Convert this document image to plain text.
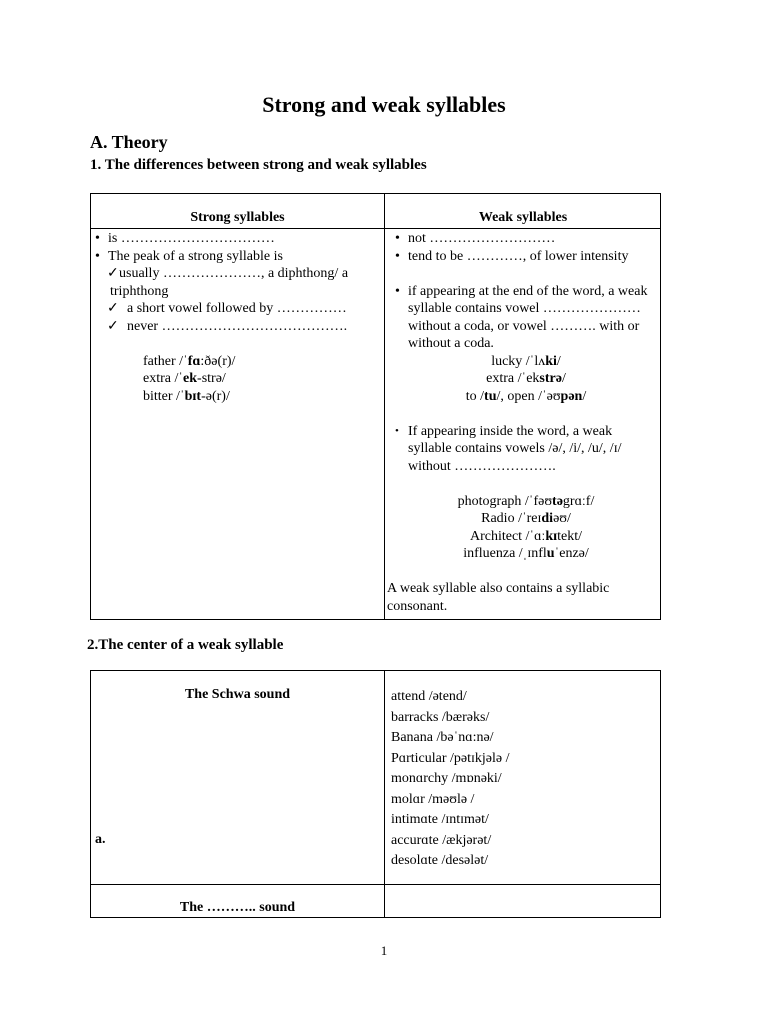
Strong and weak syllables
A. Theory
1. The differences between strong and weak syllables
Strong syllables	Weak syllables
• is ……………………………
• The peak of a strong syllable is
✓ usually …………………, a diphthong/ a
triphthong
✓ a short vowel followed by ……………
✓ never ………………………………….
father /ˈfɑ:ðə(r)/
extra /ˈek-strə/
bitter /ˈbɪt-ə(r)/
• not ………………………
• tend to be …………, of lower intensity
• if appearing at the end of the word, a weak syllable contains vowel …………………without a coda, or vowel ………. with or without a coda.
lucky /ˈlʌki/
extra /ˈekstrə/
to /tu/, open /ˈəʊpən/
• If appearing inside the word, a weak syllable contains vowels /ə/, /i/, /u/, /ɪ/ without ………………….
photograph /ˈfəʊtəgrɑːf/
Radio /ˈreɪdiəʊ/
Architect /ˈɑːkɪtekt/
influenza /ˌɪnfluˈenzə/
A weak syllable also contains a syllabic consonant.
2.The center of a weak syllable
The Schwa sound
a.
attend /ətend/
barracks /bærəks/
Banana /bəˈnɑ:nə/
Pɑrticular /pətɪkjələ /
monɑrchy /mɒnəki/
molɑr /məʊlə /
intimɑte /ɪntɪmət/
accurɑte /ækjərət/
desolɑte /desələt/
The ……….. sound
1
